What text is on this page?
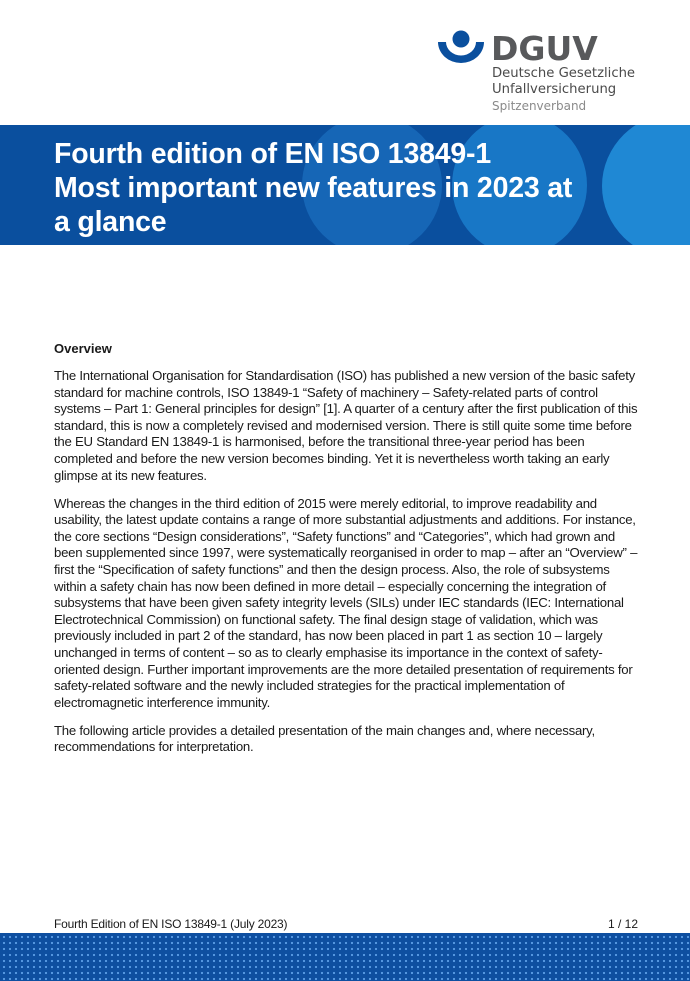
DGUV
Deutsche Gesetzliche
Unfallversicherung
Spitzenverband
Fourth edition of EN ISO 13849-1
Most important new features in 2023 at
a glance
Overview

The International Organisation for Standardisation (ISO) has published a new version of the basic safety standard for machine controls, ISO 13849-1 “Safety of machinery – Safety-related parts of control systems – Part 1: General principles for design” [1]. A quarter of a century after the first publication of this standard, this is now a completely revised and modernised version. There is still quite some time before the EU Standard EN 13849-1 is harmonised, before the transitional three-year period has been completed and before the new version becomes binding. Yet it is nevertheless worth taking an early glimpse at its new features.

Whereas the changes in the third edition of 2015 were merely editorial, to improve readability and usability, the latest update contains a range of more substantial adjustments and additions. For instance, the core sections “Design considerations”, “Safety functions” and “Categories”, which had grown and been supplemented since 1997, were systematically reorganised in order to map – after an “Overview” – first the “Specification of safety functions” and then the design process. Also, the role of subsystems within a safety chain has now been defined in more detail – especially concerning the integration of subsystems that have been given safety integrity levels (SILs) under IEC standards (IEC: International Electrotechnical Commission) on functional safety. The final design stage of validation, which was previously included in part 2 of the standard, has now been placed in part 1 as section 10 – largely unchanged in terms of content – so as to clearly emphasise its importance in the context of safety-oriented design. Further important improvements are the more detailed presentation of requirements for safety-related software and the newly included strategies for the practical implementation of electromagnetic interference immunity.

The following article provides a detailed presentation of the main changes and, where necessary, recommendations for interpretation.

Fourth Edition of EN ISO 13849-1 (July 2023)	1 / 12
